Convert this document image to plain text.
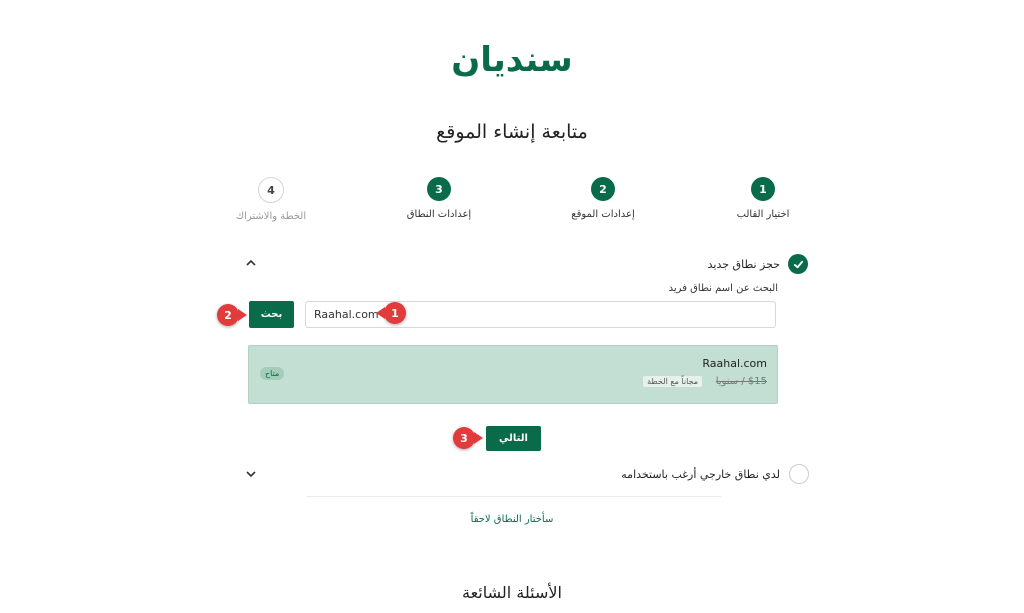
سنديان
متابعة إنشاء الموقع
1
اختيار القالب
2
إعدادات الموقع
3
إعدادات النطاق
4
الخطة والاشتراك
حجز نطاق جديد
البحث عن اسم نطاق فريد
Raahal.com
1
بحث
2
Raahal.com
$15 / سنويا
مجاناً مع الخطة
متاح
التالي
3
لدي نطاق خارجي أرغب باستخدامه
سأختار النطاق لاحقاً
الأسئلة الشائعة
